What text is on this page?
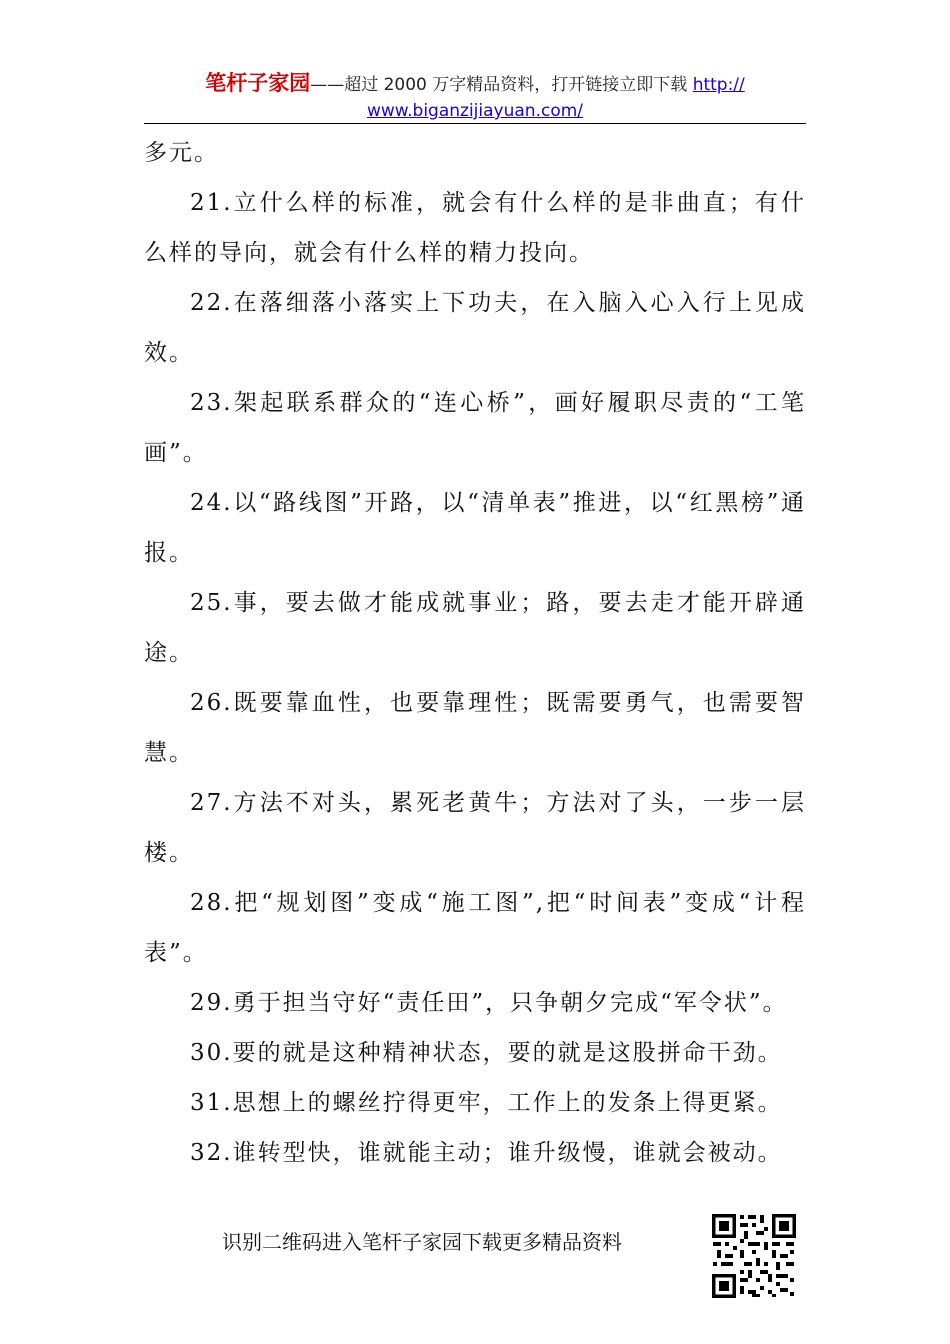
笔杆子家园——超过 2000 万字精品资料，打开链接立即下载 http://
www.biganzijiayuan.com/

多元。

21.立什么样的标准，就会有什么样的是非曲直；有什么样的导向，就会有什么样的精力投向。

22.在落细落小落实上下功夫，在入脑入心入行上见成效。

23.架起联系群众的“连心桥”，画好履职尽责的“工笔画”。

24.以“路线图”开路，以“清单表”推进，以“红黑榜”通报。

25.事，要去做才能成就事业；路，要去走才能开辟通途。

26.既要靠血性，也要靠理性；既需要勇气，也需要智慧。

27.方法不对头，累死老黄牛；方法对了头，一步一层楼。

28.把“规划图”变成“施工图”,把“时间表”变成“计程表”。

29.勇于担当守好“责任田”，只争朝夕完成“军令状”。

30.要的就是这种精神状态，要的就是这股拼命干劲。

31.思想上的螺丝拧得更牢，工作上的发条上得更紧。

32.谁转型快，谁就能主动；谁升级慢，谁就会被动。

识别二维码进入笔杆子家园下载更多精品资料
